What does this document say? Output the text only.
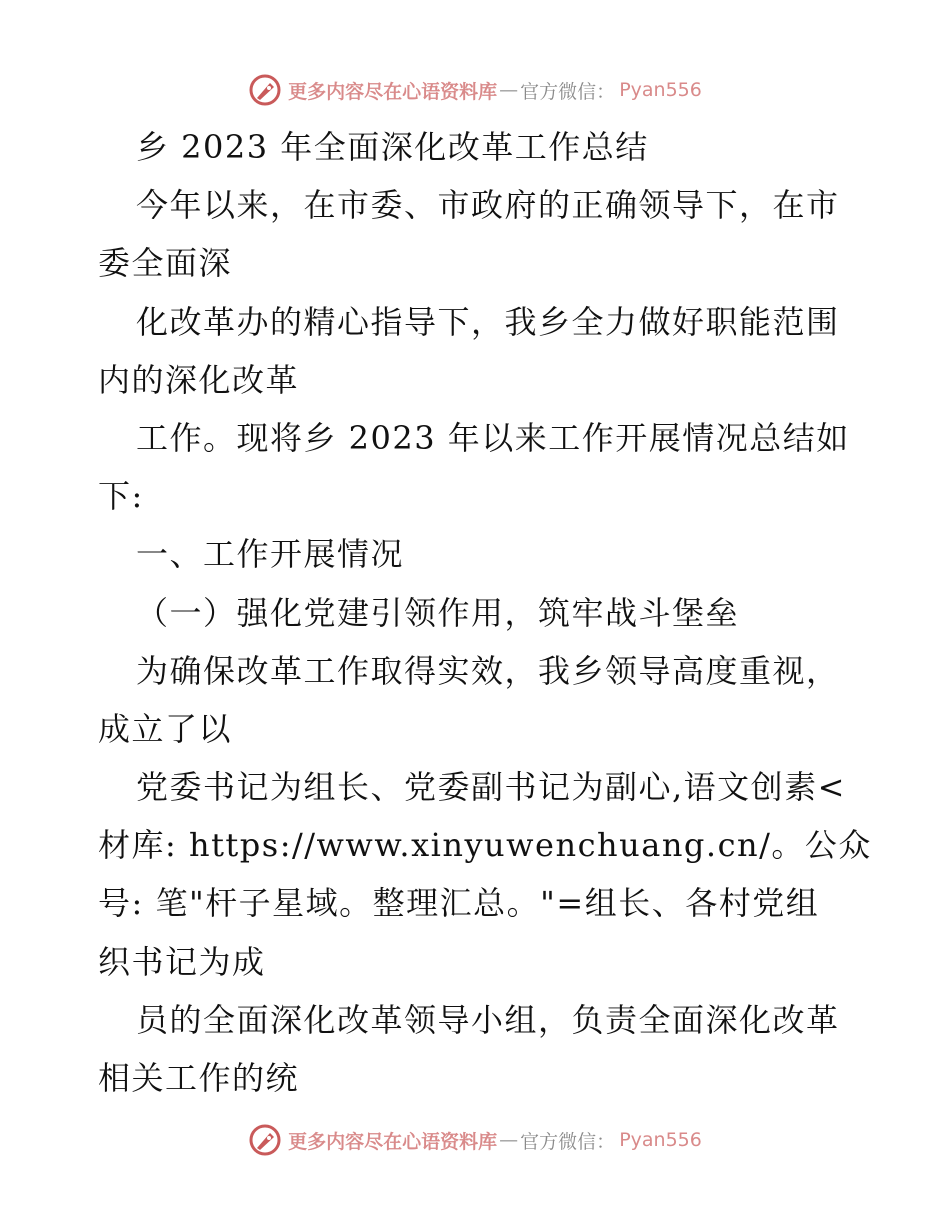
更多内容尽在心语资料库 — 官方微信： Pyan556
乡 2023 年全面深化改革工作总结
今年以来，在市委、市政府的正确领导下，在市
委全面深
化改革办的精心指导下，我乡全力做好职能范围
内的深化改革
工作。现将乡 2023 年以来工作开展情况总结如
下:
一、工作开展情况
（一）强化党建引领作用，筑牢战斗堡垒
为确保改革工作取得实效，我乡领导高度重视，
成立了以
党委书记为组长、党委副书记为副心,语文创素<
材库: https://www.xinyuwenchuang.cn/。公众
号: 笔"杆子星域。整理汇总。"=组长、各村党组
织书记为成
员的全面深化改革领导小组，负责全面深化改革
相关工作的统
更多内容尽在心语资料库 — 官方微信： Pyan556
